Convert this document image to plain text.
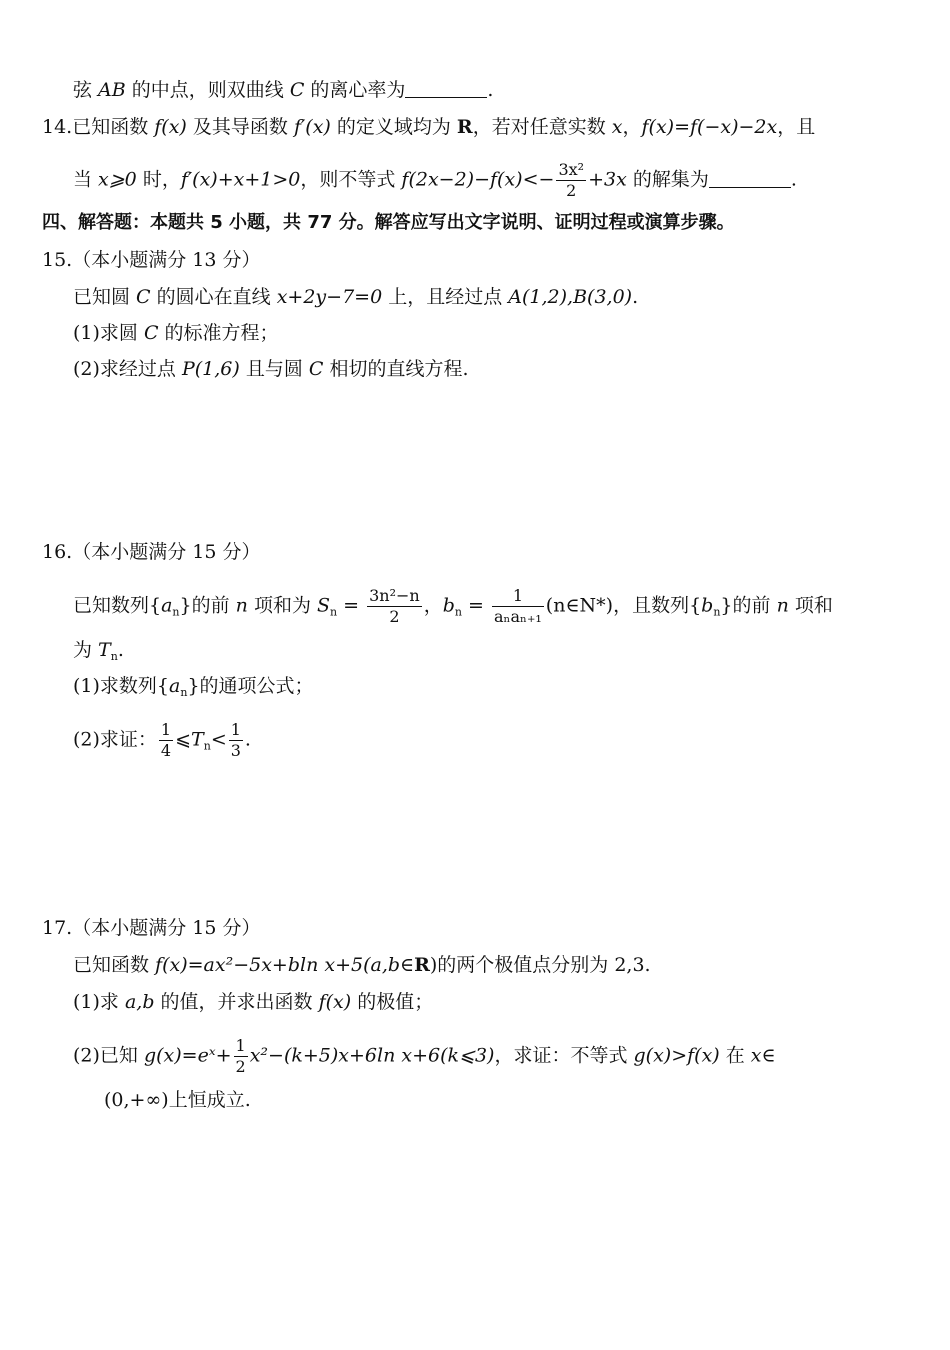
弦 AB 的中点，则双曲线 C 的离心率为	.
14.已知函数 f(x) 及其导函数 f′(x) 的定义域均为 R，若对任意实数 x，f(x)=f(−x)−2x，且
当 x⩾0 时，f′(x)+x+1>0，则不等式 $f(2x-2)-f(x)<- \frac{\text{3x²}}{2} +3x$ 的解集为	.
四、解答题：本题共 5 小题，共 77 分。解答应写出文字说明、证明过程或演算步骤。
15.（本小题满分 13 分）
已知圆 C 的圆心在直线 x+2y−7=0 上，且经过点 A(1,2),B(3,0).
(1)求圆 C 的标准方程；
(2)求经过点 P(1,6) 且与圆 C 相切的直线方程.
16.（本小题满分 15 分）
已知数列$\{a_n\}$的前 n 项和为 $S_n = \frac{\text{3n²−n}}{2}$ ，$b_n = \frac{1}{\text{aₙaₙ₊₁}}$ (n∈N*)，且数列$\{b_n\}$的前 n 项和
为 $T_n$.
(1)求数列$\{a_n\}$的通项公式；
(2)求证： $\frac{1}{4}$ $⩽T_n< \frac{1}{3}$ .
17.（本小题满分 15 分）
已知函数 f(x)=ax²−5x+bln x+5(a,b∈R)的两个极值点分别为 2,3.
(1)求 a,b 的值，并求出函数 f(x) 的极值；
(2)已知 g(x)=eˣ+ $\frac{1}{2} x^2-(k+5)x+6\ln$ x+6(k⩽3)，求证：不等式 g(x)>f(x) 在 x∈
(0,+∞)上恒成立.
